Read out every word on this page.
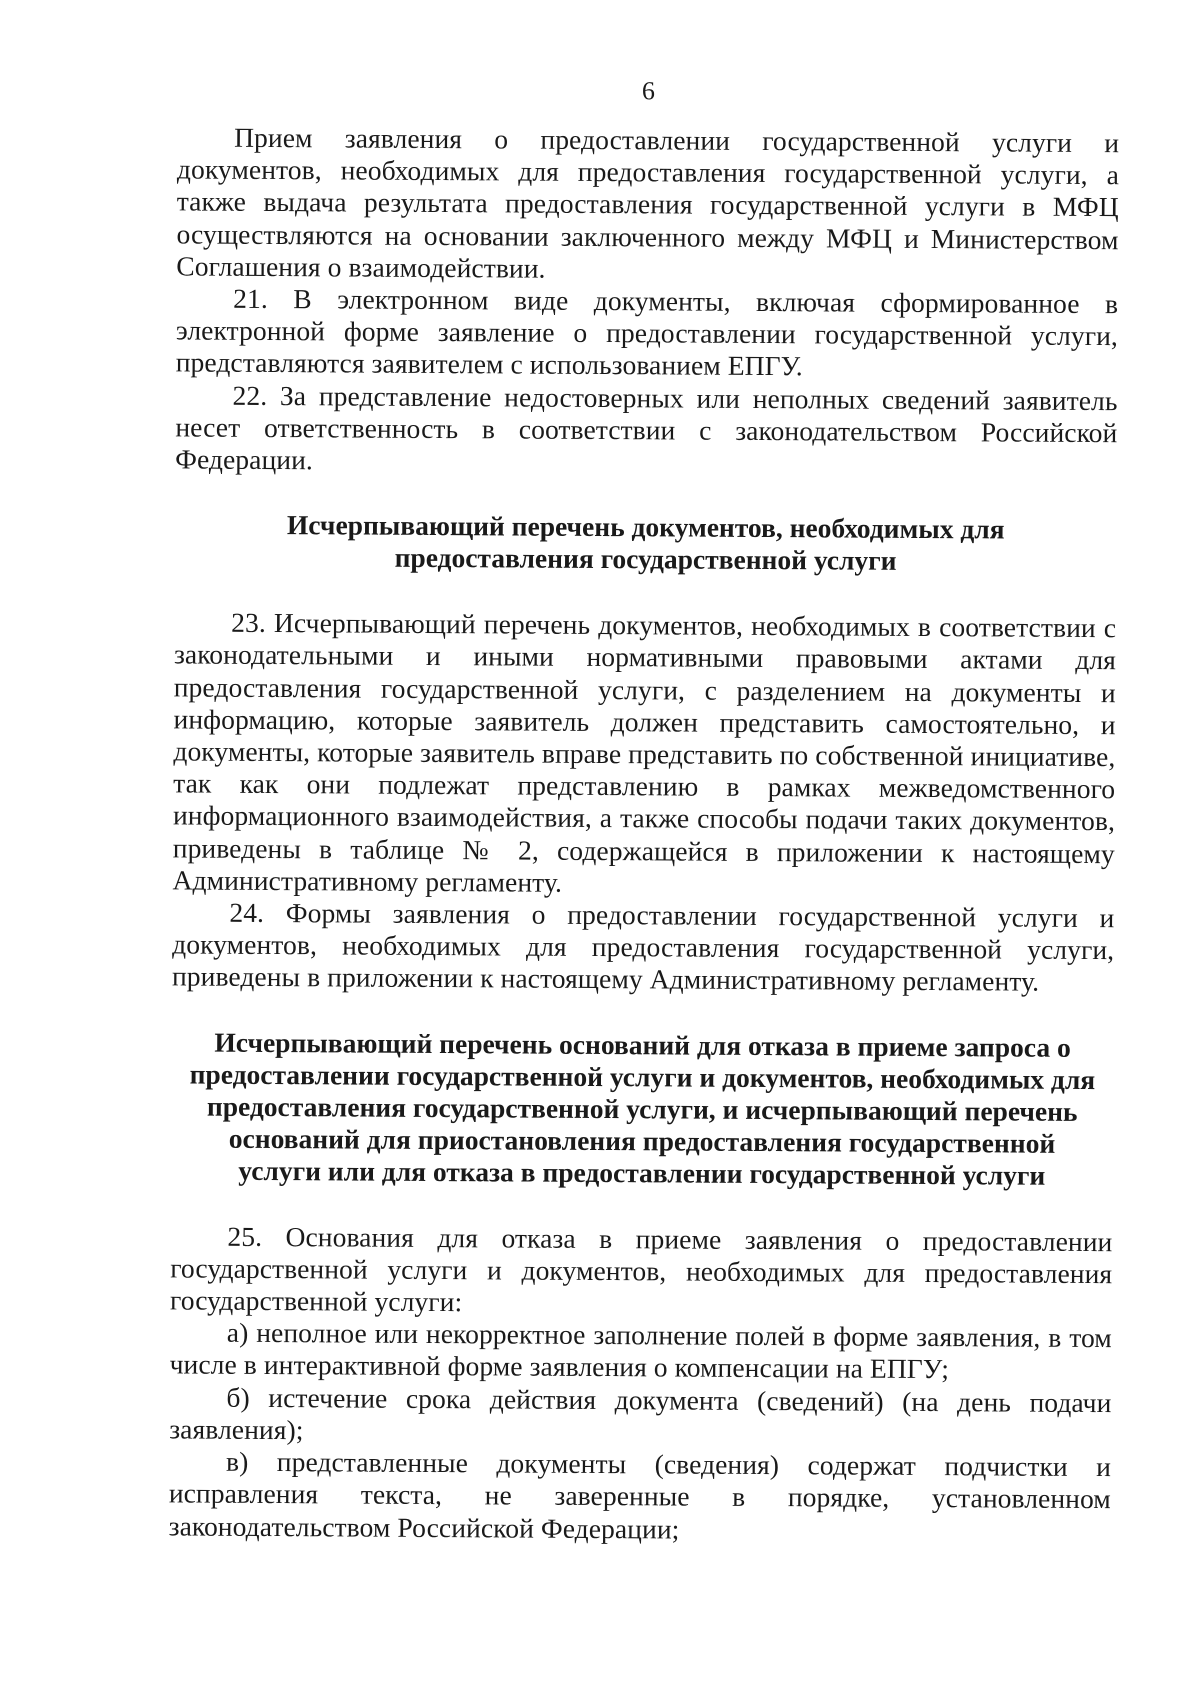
6

Прием заявления о предоставлении государственной услуги и документов, необходимых для предоставления государственной услуги, а также выдача результата предоставления государственной услуги в МФЦ осуществляются на основании заключенного между МФЦ и Министерством Соглашения о взаимодействии.

21. В электронном виде документы, включая сформированное в электронной форме заявление о предоставлении государственной услуги, представляются заявителем с использованием ЕПГУ.

22. За представление недостоверных или неполных сведений заявитель несет ответственность в соответствии с законодательством Российской Федерации.

Исчерпывающий перечень документов, необходимых для
предоставления государственной услуги

23. Исчерпывающий перечень документов, необходимых в соответствии с законодательными и иными нормативными правовыми актами для предоставления государственной услуги, с разделением на документы и информацию, которые заявитель должен представить самостоятельно, и документы, которые заявитель вправе представить по собственной инициативе, так как они подлежат представлению в рамках межведомственного информационного взаимодействия, а также способы подачи таких документов, приведены в таблице № 2, содержащейся в приложении к настоящему Административному регламенту.

24. Формы заявления о предоставлении государственной услуги и документов, необходимых для предоставления государственной услуги, приведены в приложении к настоящему Административному регламенту.

Исчерпывающий перечень оснований для отказа в приеме запроса о
предоставлении государственной услуги и документов, необходимых для
предоставления государственной услуги, и исчерпывающий перечень
оснований для приостановления предоставления государственной
услуги или для отказа в предоставлении государственной услуги

25. Основания для отказа в приеме заявления о предоставлении государственной услуги и документов, необходимых для предоставления государственной услуги:

а) неполное или некорректное заполнение полей в форме заявления, в том числе в интерактивной форме заявления о компенсации на ЕПГУ;

б) истечение срока действия документа (сведений) (на день подачи заявления);

в) представленные документы (сведения) содержат подчистки и исправления текста, не заверенные в порядке, установленном законодательством Российской Федерации;
